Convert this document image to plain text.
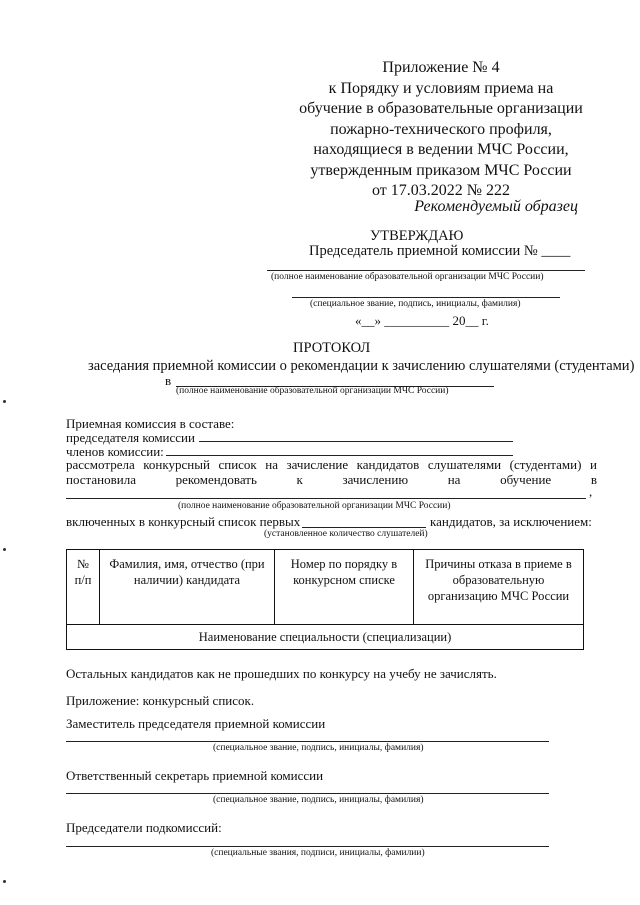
Приложение № 4
к Порядку и условиям приема на
обучение в образовательные организации
пожарно-технического профиля,
находящиеся в ведении МЧС России,
утвержденным приказом МЧС России
от 17.03.2022 № 222
Рекомендуемый образец
УТВЕРЖДАЮ
Председатель приемной комиссии № ____
(полное наименование образовательной организации МЧС России)
(специальное звание, подпись, инициалы, фамилия)
«__» __________ 20__ г.
ПРОТОКОЛ
заседания приемной комиссии о рекомендации к зачислению слушателями (студентами)
в
(полное наименование образовательной организации МЧС России)
Приемная комиссия в составе:
председателя комиссии
членов комиссии:
рассмотрела конкурсный список на зачисление кандидатов слушателями (студентами) и
постановила	рекомендовать	к	зачислению	на	обучение	в
,
(полное наименование образовательной организации МЧС России)
включенных в конкурсный список первых	кандидатов, за исключением:
(установленное количество слушателей)
№ п/п	Фамилия, имя, отчество (при наличии) кандидата	Номер по порядку в конкурсном списке	Причины отказа в приеме в образовательную организацию МЧС России
Наименование специальности (специализации)
Остальных кандидатов как не прошедших по конкурсу на учебу не зачислять.
Приложение: конкурсный список.
Заместитель председателя приемной комиссии
(специальное звание, подпись, инициалы, фамилия)
Ответственный секретарь приемной комиссии
(специальное звание, подпись, инициалы, фамилия)
Председатели подкомиссий:
(специальные звания, подписи, инициалы, фамилии)
